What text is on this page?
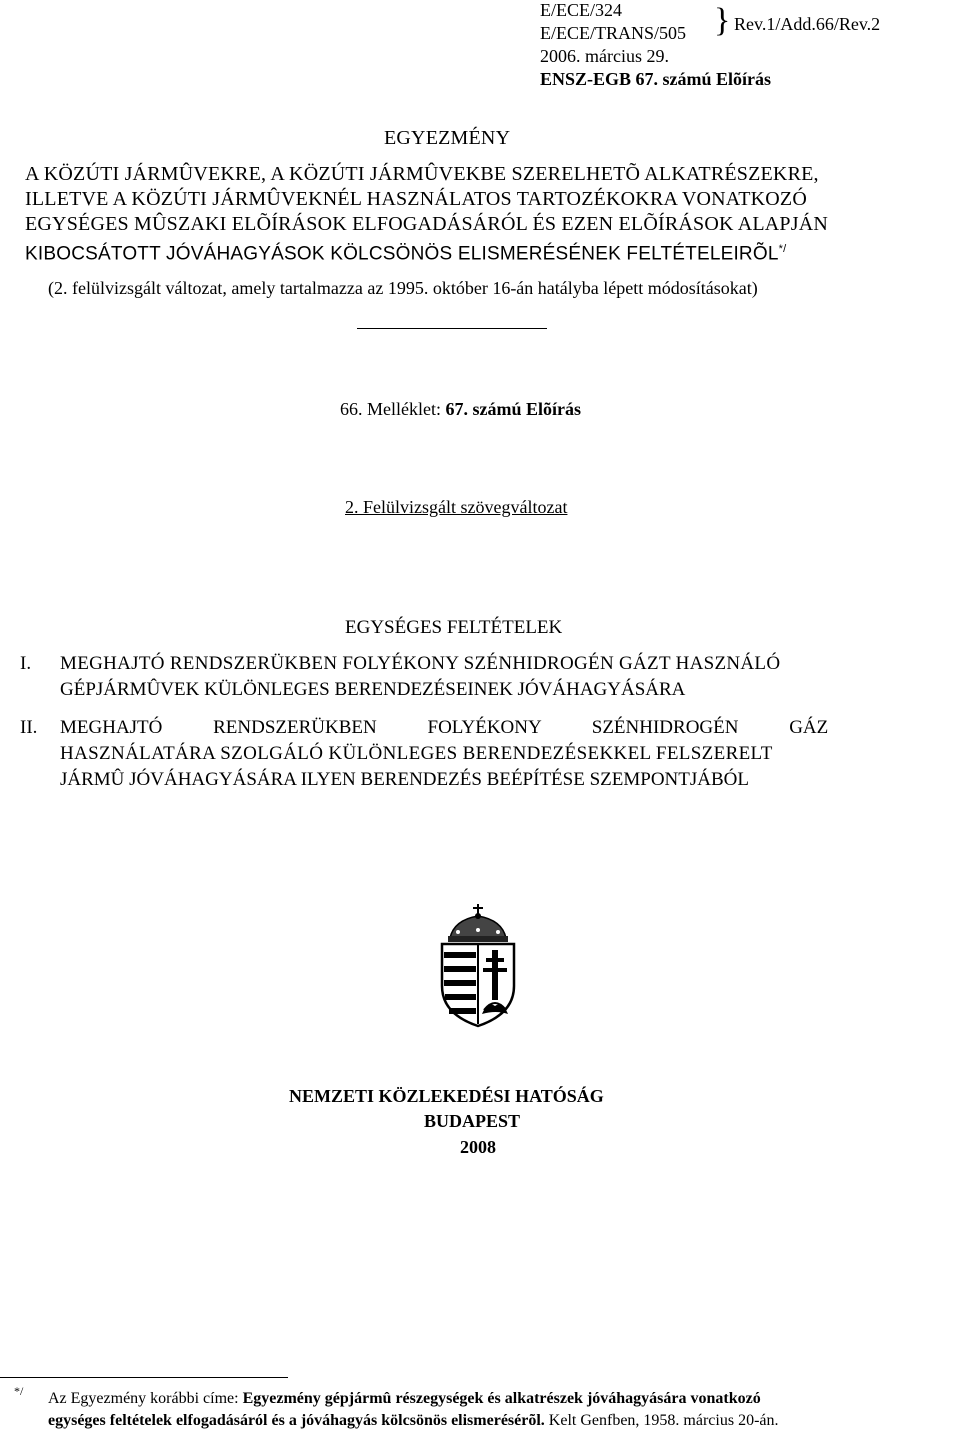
E/ECE/324
E/ECE/TRANS/505 } Rev.1/Add.66/Rev.2
2006. március 29.
ENSZ-EGB 67. számú Elõírás
EGYEZMÉNY
A KÖZÚTI JÁRMÛVEKRE, A KÖZÚTI JÁRMÛVEKBE SZERELHETÕ ALKATRÉSZEKRE,
ILLETVE A KÖZÚTI JÁRMÛVEKNÉL HASZNÁLATOS TARTOZÉKOKRA VONATKOZÓ
EGYSÉGES MÛSZAKI ELÕÍRÁSOK ELFOGADÁSÁRÓL ÉS EZEN ELÕÍRÁSOK ALAPJÁN
KIBOCSÁTOTT JÓVÁHAGYÁSOK KÖLCSÖNÖS ELISMERÉSÉNEK FELTÉTELEIRÕL*/
(2. felülvizsgált változat, amely tartalmazza az 1995. október 16-án hatályba lépett módosításokat)
66. Melléklet: 67. számú Elõírás
2. Felülvizsgált szövegváltozat
EGYSÉGES FELTÉTELEK
I. MEGHAJTÓ RENDSZERÜKBEN FOLYÉKONY SZÉNHIDROGÉN GÁZT HASZNÁLÓ
GÉPJÁRMÛVEK KÜLÖNLEGES BERENDEZÉSEINEK JÓVÁHAGYÁSÁRA
II. MEGHAJTÓ RENDSZERÜKBEN FOLYÉKONY SZÉNHIDROGÉN GÁZ
HASZNÁLATÁRA SZOLGÁLÓ KÜLÖNLEGES BERENDEZÉSEKKEL FELSZERELT
JÁRMÛ JÓVÁHAGYÁSÁRA ILYEN BERENDEZÉS BEÉPÍTÉSE SZEMPONTJÁBÓL
NEMZETI KÖZLEKEDÉSI HATÓSÁG
BUDAPEST
2008
*/ Az Egyezmény korábbi címe: Egyezmény gépjármû részegységek és alkatrészek jóváhagyására vonatkozó
egységes feltételek elfogadásáról és a jóváhagyás kölcsönös elismerésérõl. Kelt Genfben, 1958. március 20-án.
